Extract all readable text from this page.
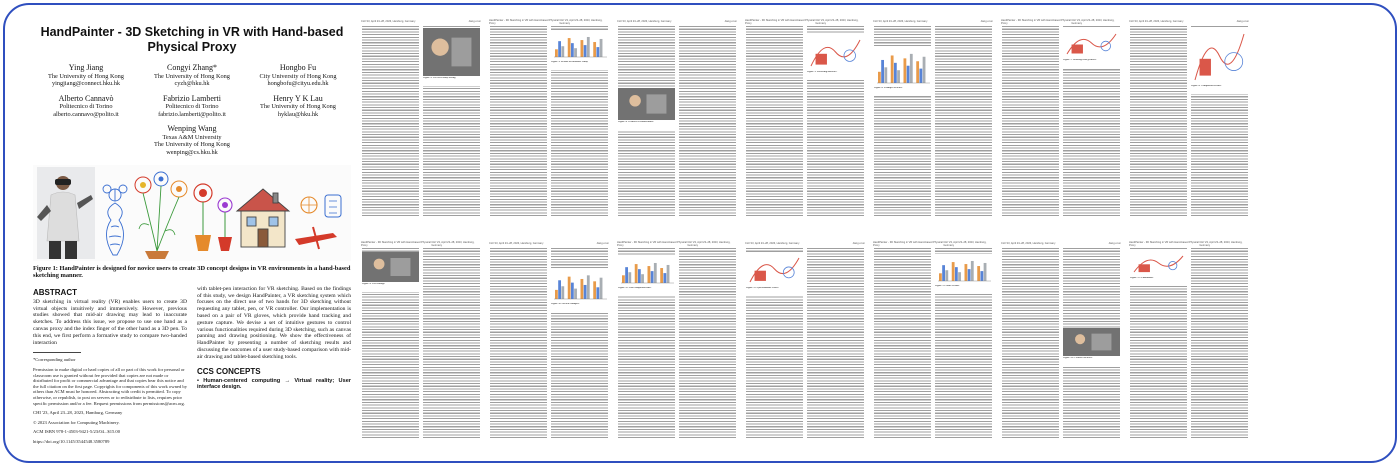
HandPainter - 3D Sketching in VR with Hand-based Physical Proxy
Ying Jiang
The University of Hong Kong
yingjiang@connect.hku.hk
Congyi Zhang*
The University of Hong Kong
cyzh@hku.hk
Hongbo Fu
City University of Hong Kong
hongbofu@cityu.edu.hk
Alberto Cannavò
Politecnico di Torino
alberto.cannavo@polito.it
Fabrizio Lamberti
Politecnico di Torino
fabrizio.lamberti@polito.it
Henry Y K Lau
The University of Hong Kong
hyklau@hku.hk
Wenping Wang
Texas A&M University
The University of Hong Kong
wenping@cs.hku.hk
Figure 1: HandPainter is designed for novice users to create 3D concept designs in VR environments in a hand-based sketching manner.
ABSTRACT
3D sketching in virtual reality (VR) enables users to create 3D virtual objects intuitively and immersively. However, previous studies showed that mid-air drawing may lead to inaccurate sketches. To address this issue, we propose to use one hand as a canvas proxy and the index finger of the other hand as a 3D pen. To this end, we first perform a formative study to compare two-handed interaction
*Corresponding author
Permission to make digital or hard copies of all or part of this work for personal or classroom use is granted without fee provided that copies are not made or distributed for profit or commercial advantage and that copies bear this notice and the full citation on the first page. Copyrights for components of this work owned by others than ACM must be honored. Abstracting with credit is permitted. To copy otherwise, or republish, to post on servers or to redistribute to lists, requires prior specific permission and/or a fee. Request permissions from permissions@acm.org.
CHI '23, April 23–28, 2023, Hamburg, Germany
© 2023 Association for Computing Machinery.
ACM ISBN 978-1-4503-9421-5/23/04...$15.00
https://doi.org/10.1145/3544548.3580789
with tablet-pen interaction for VR sketching. Based on the findings of this study, we design HandPainter, a VR sketching system which focuses on the direct use of two hands for 3D sketching without requesting any tablet, pen, or VR controller. Our implementation is based on a pair of VR gloves, which provide hand tracking and gesture capture. We devise a set of intuitive gestures to control various functionalities required during 3D sketching, such as canvas panning and drawing positioning. We show the effectiveness of HandPainter by presenting a number of sketching results and discussing the outcomes of a user study-based comparison with mid-air drawing and tablet-based sketching tools.
CCS CONCEPTS
• Human-centered computing → Virtual reality; User interface design.
CHI '23, April 23–28, 2023, Hamburg, Germany	Jiang et al.
Figure 2: The user study setting.
HandPainter - 3D Sketching in VR with Hand-based Physical Proxy
CHI '23, April 23–28, 2023, Hamburg, Germany
Figure 3: Results of formative study.
CHI '23, April 23–28, 2023, Hamburg, Germany	Jiang et al.
Figure 4: Gestures of HandPainter.
HandPainter - 3D Sketching in VR with Hand-based Physical Proxy
CHI '23, April 23–28, 2023, Hamburg, Germany
Figure 5: Sketching interface.
CHI '23, April 23–28, 2023, Hamburg, Germany	Jiang et al.
Figure 6: Example sketches.
HandPainter - 3D Sketching in VR with Hand-based Physical Proxy
CHI '23, April 23–28, 2023, Hamburg, Germany
Figure 7: Drawing with gestures.
CHI '23, April 23–28, 2023, Hamburg, Germany	Jiang et al.
Figure 8: Comparison results.
HandPainter - 3D Sketching in VR with Hand-based Physical Proxy
CHI '23, April 23–28, 2023, Hamburg, Germany
Figure 9: User ratings.
CHI '23, April 23–28, 2023, Hamburg, Germany	Jiang et al.
Figure 10: Sketch examples.
HandPainter - 3D Sketching in VR with Hand-based Physical Proxy
CHI '23, April 23–28, 2023, Hamburg, Germany
Figure 11: Task completion time.
CHI '23, April 23–28, 2023, Hamburg, Germany	Jiang et al.
Figure 12: Questionnaire scores.
HandPainter - 3D Sketching in VR with Hand-based Physical Proxy
CHI '23, April 23–28, 2023, Hamburg, Germany
Figure 13: More results.
CHI '23, April 23–28, 2023, Hamburg, Germany	Jiang et al.
Figure 14: Creative sketches.
HandPainter - 3D Sketching in VR with Hand-based Physical Proxy
CHI '23, April 23–28, 2023, Hamburg, Germany
Figure 15: Limitations.
